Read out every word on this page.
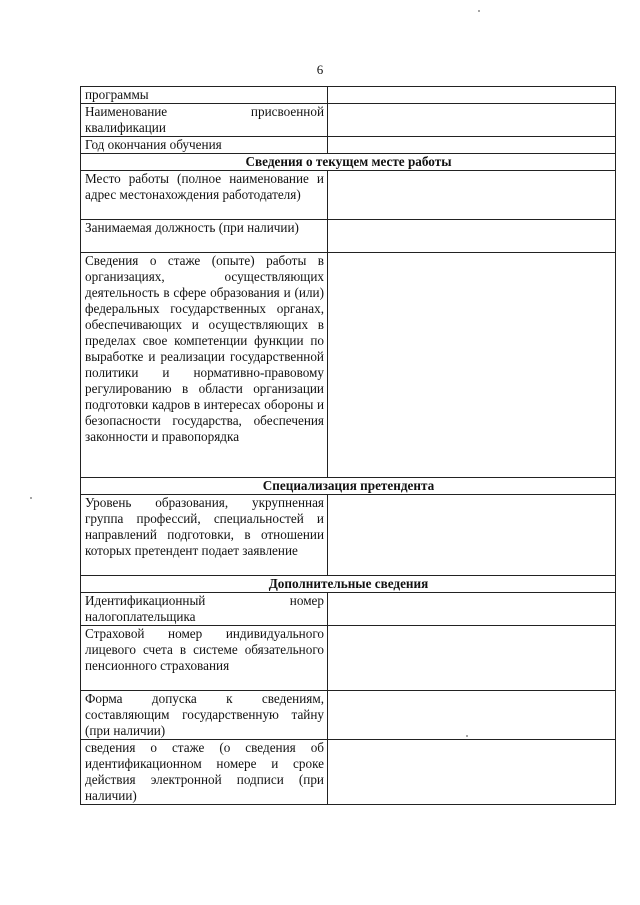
6
программы	
Наименование присвоенной квалификации	
Год окончания обучения	
Сведения о текущем месте работы	
Место работы (полное наименование и адрес местонахождения работодателя)	
Занимаемая должность (при наличии)	
Сведения о стаже (опыте) работы в организациях, осуществляющих деятельность в сфере образования и (или) федеральных государственных органах, обеспечивающих и осуществляющих в пределах свое компетенции функции по выработке и реализации государственной политики и нормативно-правовому регулированию в области организации подготовки кадров в интересах обороны и безопасности государства, обеспечения законности и правопорядка	
Специализация претендента	
Уровень образования, укрупненная группа профессий, специальностей и направлений подготовки, в отношении которых претендент подает заявление	
Дополнительные сведения	
Идентификационный номер налогоплательщика	
Страховой номер индивидуального лицевого счета в системе обязательного пенсионного страхования	
Форма допуска к сведениям, составляющим государственную тайну (при наличии)	
сведения о стаже (о сведения об идентификационном номере и сроке действия электронной подписи (при наличии)	
